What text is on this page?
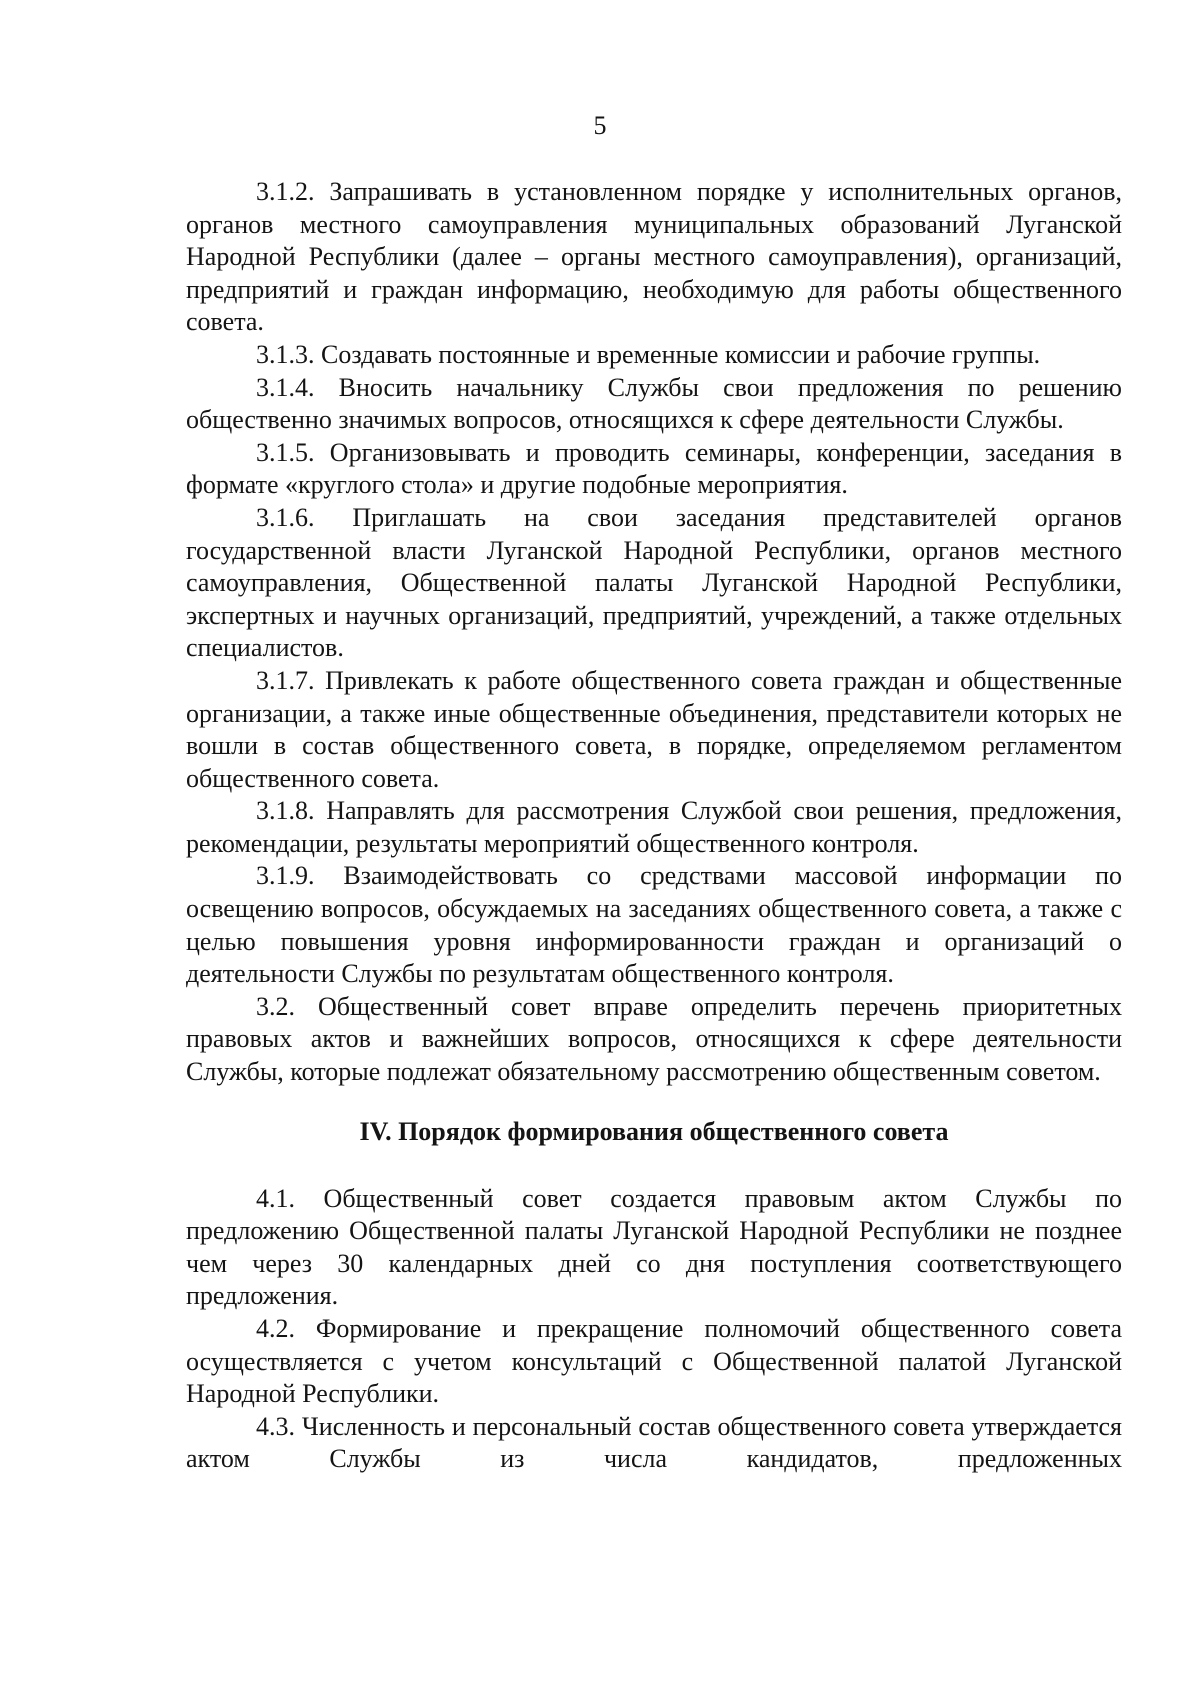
5

3.1.2. Запрашивать в установленном порядке у исполнительных органов, органов местного самоуправления муниципальных образований Луганской Народной Республики (далее – органы местного самоуправления), организаций, предприятий и граждан информацию, необходимую для работы общественного совета.

3.1.3. Создавать постоянные и временные комиссии и рабочие группы.

3.1.4. Вносить начальнику Службы свои предложения по решению общественно значимых вопросов, относящихся к сфере деятельности Службы.

3.1.5. Организовывать и проводить семинары, конференции, заседания в формате «круглого стола» и другие подобные мероприятия.

3.1.6. Приглашать на свои заседания представителей органов государственной власти Луганской Народной Республики, органов местного самоуправления, Общественной палаты Луганской Народной Республики, экспертных и научных организаций, предприятий, учреждений, а также отдельных специалистов.

3.1.7. Привлекать к работе общественного совета граждан и общественные организации, а также иные общественные объединения, представители которых не вошли в состав общественного совета, в порядке, определяемом регламентом общественного совета.

3.1.8. Направлять для рассмотрения Службой свои решения, предложения, рекомендации, результаты мероприятий общественного контроля.

3.1.9. Взаимодействовать со средствами массовой информации по освещению вопросов, обсуждаемых на заседаниях общественного совета, а также с целью повышения уровня информированности граждан и организаций о деятельности Службы по результатам общественного контроля.

3.2. Общественный совет вправе определить перечень приоритетных правовых актов и важнейших вопросов, относящихся к сфере деятельности Службы, которые подлежат обязательному рассмотрению общественным советом.

IV. Порядок формирования общественного совета

4.1. Общественный совет создается правовым актом Службы по предложению Общественной палаты Луганской Народной Республики не позднее чем через 30 календарных дней со дня поступления соответствующего предложения.

4.2. Формирование и прекращение полномочий общественного совета осуществляется с учетом консультаций с Общественной палатой Луганской Народной Республики.

4.3. Численность и персональный состав общественного совета утверждается актом Службы из числа кандидатов, предложенных
